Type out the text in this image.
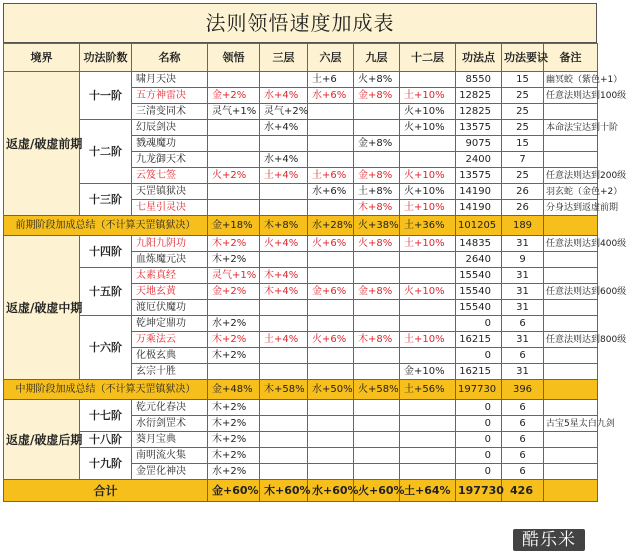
法则领悟速度加成表
境界	功法阶数	名称	领悟	三层	六层	九层	十二层	功法点	功法要诀	备注
返虚/破虚前期	十一阶	啸月天决			土+6	火+8%		8550	15	幽冥蛟（紫色+1）
		五方神雷决	金+2%	水+4%	水+6%	金+8%	土+10%	12825	25	任意法则达到100级
		三清变同术	灵气+1%	灵气+2%			火+10%	12825	25	
	十二阶	幻辰剑决		水+4%			火+10%	13575	25	本命法宝达到十阶
		戮魂魔功				金+8%		9075	15	
		九龙御天术		水+4%				2400	7	
		云笈七签	火+2%	土+4%	土+6%	金+8%	火+10%	13575	25	任意法则达到200级
	十三阶	天罡镇狱决			水+6%	土+8%	火+10%	14190	26	羽玄蛇（金色+2）
		七星引灵决				木+8%	土+10%	14190	26	分身达到返虚前期
前期阶段加成总结（不计算天罡镇狱决）			金+18%	木+8%	水+28%	火+38%	土+36%	101205	189	
返虚/破虚中期	十四阶	九阳九阴功	木+2%	火+4%	火+6%	火+8%	土+10%	14835	31	任意法则达到400级
		血炼魔元决	木+2%					2640	9	
	十五阶	太素真经	灵气+1%	木+4%				15540	31	
		天地玄黄	金+2%	木+4%	金+6%	金+8%	火+10%	15540	31	任意法则达到600级
		渡厄伏魔功						15540	31	
	十六阶	乾坤定鼎功	水+2%					0	6	
		万乘法云	木+2%	土+4%	火+6%	木+8%	土+10%	16215	31	任意法则达到800级
		化极玄典	木+2%					0	6	
		玄宗十胜					金+10%	16215	31	
中期阶段加成总结（不计算天罡镇狱决）			金+48%	木+58%	水+50%	火+58%	土+56%	197730	396	
返虚/破虚后期	十七阶	乾元化春决	木+2%					0	6	
		水衍剑罡术	木+2%					0	6	古宝5星太白九剑
	十八阶	葵月宝典	木+2%					0	6	
	十九阶	南明流火集	木+2%					0	6	
		金罡化神决	水+2%					0	6	
合计			金+60%	木+60%	水+60%	火+60%	土+64%	197730	426	
酷乐米
